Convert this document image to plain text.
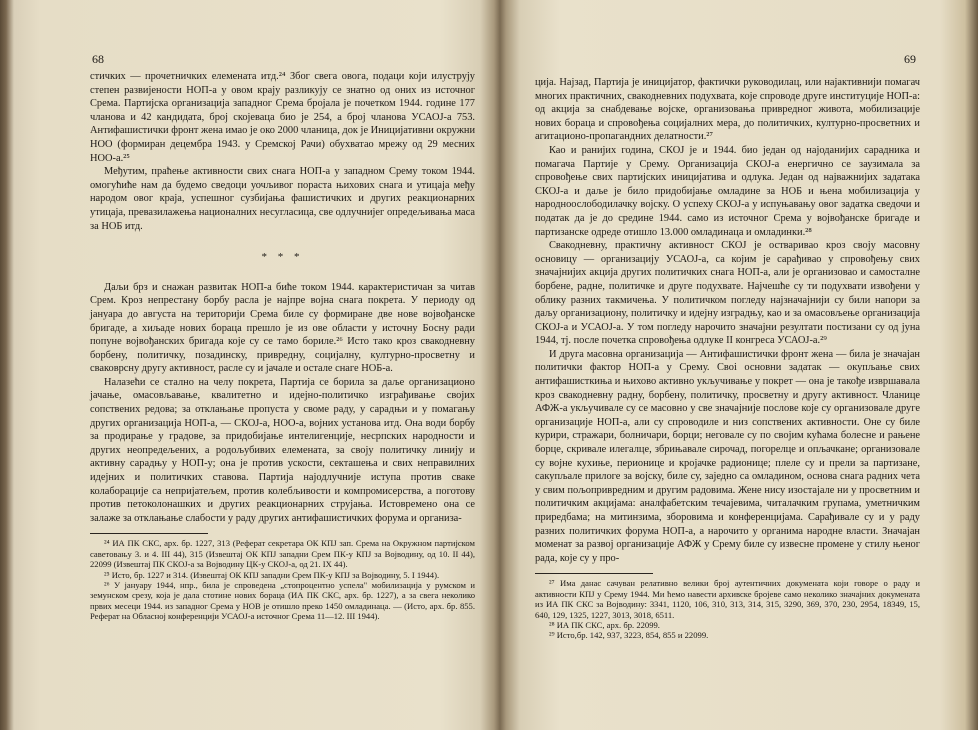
68

стичких — прочетничких елемената итд.²⁴ Због свега овога, подаци који илуструју степен развијености НОП-а у овом крају разликују се знатно од оних из источног Срема. Партијска организација западног Срема бројала је почетком 1944. године 177 чланова и 42 кандидата, број скојеваца био је 254, а број чланова УСАОЈ-а 753. Антифашистички фронт жена имао је око 2000 чланица, док је Иницијативни окружни НОО (формиран децембра 1943. у Сремској Рачи) обухватао мрежу од 29 месних НОО-а.²⁵

Међутим, праћење активности свих снага НОП-а у западном Срему током 1944. омогућиће нам да будемо сведоци уочљивог пораста њихових снага и утицаја међу народом овог краја, успешног сузбијања фашистичких и других реакционарних утицаја, превазилажења националних несугласица, све одлучнијег опредељивања маса за НОБ итд.

* * *

Даљи брз и снажан развитак НОП-а биће током 1944. карактеристичан за читав Срем. Кроз непрестану борбу расла је најпре војна снага покрета. У периоду од јануара до августа на територији Срема биле су формиране две нове војвођанске бригаде, а хиљаде нових бораца прешло је из ове области у источну Босну ради попуне војвођанских бригада које су се тамо бориле.²⁶ Исто тако кроз свакодневну борбену, политичку, позадинску, привредну, социјалну, културно-просветну и сваковрсну другу активност, расле су и јачале и остале снаге НОБ-а.

Налазећи се стално на челу покрета, Партија се борила за даље организационо јачање, омасовљавање, квалитетно и идејно-политичко изграђивање својих сопствених редова; за отклањање пропуста у своме раду, у сарадњи и у помагању других организација НОП-а, — СКОЈ-а, НОО-а, војних установа итд. Она води борбу за продирање у градове, за придобијање интелигенције, несрпских народности и других неопредељених, а родољубивих елемената, за своју политичку линију и активну сарадњу у НОП-у; она је против ускости, секташења и свих неправилних идејних и политичких ставова. Партија најодлучније иступа против сваке колаборације са непријатељем, против колебљивости и компромисерства, а поготову против петоколонашких и других реакционарних струјања. Истовремено она се залаже за отклањање слабости у раду других антифашистичких форума и организа-

²⁴ ИА ПК СКС, арх. бр. 1227, 313 (Реферат секретара ОК КПЈ зап. Срема на Окружном партијском саветовању 3. и 4. III 44), 315 (Извештај ОК КПЈ западни Срем ПК-у КПЈ за Војводину, од 10. II 44), 22099 (Извештај ПК СКОЈ-а за Војводину ЦК-у СКОЈ-а, од 21. IX 44).

²⁵ Исто, бр. 1227 и 314. (Извештај ОК КПЈ западни Срем ПК-у КПЈ за Војводину, 5. I 1944).

²⁶ У јануару 1944, нпр., била је спроведена „стопроцентно успела" мобилизација у румском и земунском срезу, која је дала стотине нових бораца (ИА ПК СКС, арх. бр. 1227), а за свега неколико првих месеци 1944. из западног Срема у НОВ је отишло преко 1450 омладинаца. — (Исто, арх. бр. 855. Реферат на Обласној конференцији УСАОЈ-а источног Срема 11—12. III 1944).

69

ција. Најзад, Партија је иницијатор, фактички руководилац, или најактивнији помагач многих практичних, свакодневних подухвата, које спроводе друге институције НОП-а: од акција за снабдевање војске, организовања привредног живота, мобилизације нових бораца и спровођења социјалних мера, до политичких, културно-просветних и агитационо-пропагандних делатности.²⁷

Као и ранијих година, СКОЈ је и 1944. био један од најоданијих сарадника и помагача Партије у Срему. Организација СКОЈ-а енергично се заузимала за спровођење свих партијских иницијатива и одлука. Један од најважнијих задатака СКОЈ-а и даље је било придобијање омладине за НОБ и њена мобилизација у народноослободилачку војску. О успеху СКОЈ-а у испуњавању овог задатка сведочи и податак да је до средине 1944. само из источног Срема у војвођанске бригаде и партизанске одреде отишло 13.000 омладинаца и омладинки.²⁸

Свакодневну, практичну активност СКОЈ је остваривао кроз своју масовну основицу — организацију УСАОЈ-а, са којим је сарађивао у спровођењу свих значајнијих акција других политичких снага НОП-а, али је организовао и самосталне борбене, радне, политичке и друге подухвате. Најчешће су ти подухвати извођени у облику разних такмичења. У политичком погледу најзначајнији су били напори за даљу организациону, политичку и идејну изградњу, као и за омасовљење организација СКОЈ-а и УСАОЈ-а. У том погледу нарочито значајни резултати постизани су од јуна 1944, тј. после почетка спровођења одлуке II конгреса УСАОЈ-а.²⁹

И друга масовна организација — Антифашистички фронт жена — била је значајан политички фактор НОП-а у Срему. Своі основни задатак — окупљање свих антифашисткиња и њихово активно укључивање у покрет — она је такође извршавала кроз свакодневну радну, борбену, политичку, просветну и другу активност. Чланице АФЖ-а укључивале су се масовно у све значајније послове које су организовале друге организације НОП-а, али су спроводиле и низ сопствених активности. Оне су биле курири, стражари, болничари, борци; неговале су по својим кућама болесне и рањене борце, скривале илегалце, збрињавале сирочад, погорелце и опљачкане; организовале су војне кухиње, перионице и кројачке радионице; плеле су и прели за партизане, сакупљале прилоге за војску, биле су, заједно са омладином, основа снага радних чета у свим пољопривредним и другим радовима. Жене нису изостајале ни у просветним и политичким акцијама: аналфабетским течајевима, читалачким групама, уметничким приредбама; на митинзима, зборовима и конференцијама. Сарађивале су и у раду разних политичких форума НОП-а, а нарочито у органима народне власти. Значајан моменат за развој организације АФЖ у Срему биле су извесне промене у стилу њеног рада, које су у про-

²⁷ Има данас сачуван релативно велики број аутентичних докумената који говоре о раду и активности КПЈ у Срему 1944. Ми ћемо навести архивске бројеве само неколико значајних докумената из ИА ПК СКС за Војводину: 3341, 1120, 106, 310, 313, 314, 315, 3290, 369, 370, 230, 2954, 18349, 15, 640, 129, 1325, 1227, 3013, 3018, 6511.

²⁸ ИА ПК СКС, арх. бр. 22099.

²⁹ Исто,бр. 142, 937, 3223, 854, 855 и 22099.
